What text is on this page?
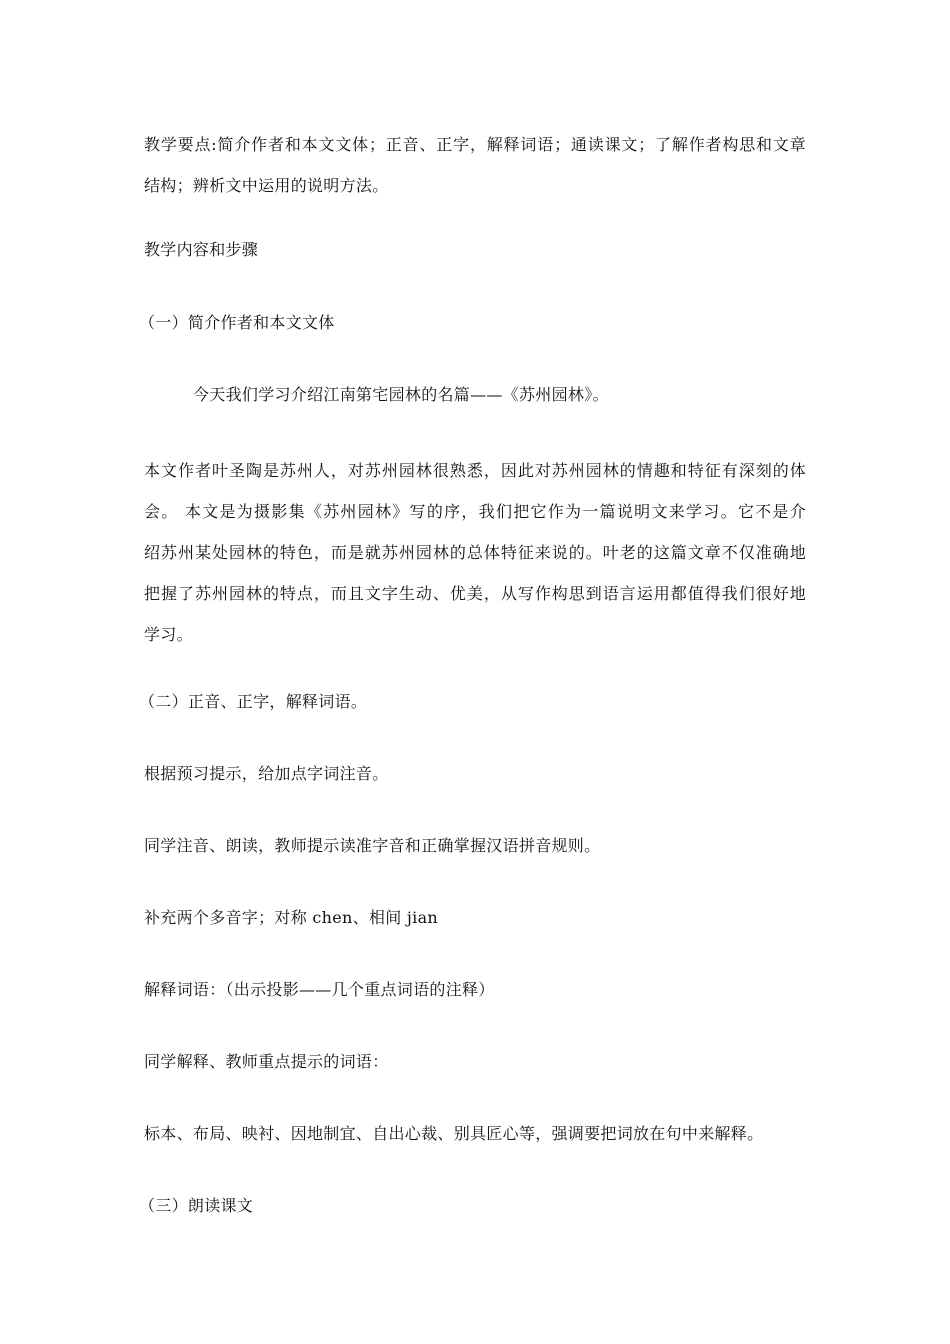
教学要点:简介作者和本文文体；正音、正字，解释词语；通读课文；了解作者构思和文章
结构；辨析文中运用的说明方法。

教学内容和步骤

（一）简介作者和本文文体

今天我们学习介绍江南第宅园林的名篇——《苏州园林》。

本文作者叶圣陶是苏州人，对苏州园林很熟悉，因此对苏州园林的情趣和特征有深刻的体
会。 本文是为摄影集《苏州园林》写的序，我们把它作为一篇说明文来学习。它不是介
绍苏州某处园林的特色，而是就苏州园林的总体特征来说的。叶老的这篇文章不仅准确地
把握了苏州园林的特点，而且文字生动、优美，从写作构思到语言运用都值得我们很好地
学习。

（二）正音、正字，解释词语。

根据预习提示，给加点字词注音。

同学注音、朗读，教师提示读准字音和正确掌握汉语拼音规则。

补充两个多音字；对称 chen、相间 jian

解释词语：（出示投影——几个重点词语的注释）

同学解释、教师重点提示的词语：

标本、布局、映衬、因地制宜、自出心裁、别具匠心等，强调要把词放在句中来解释。

（三）朗读课文
